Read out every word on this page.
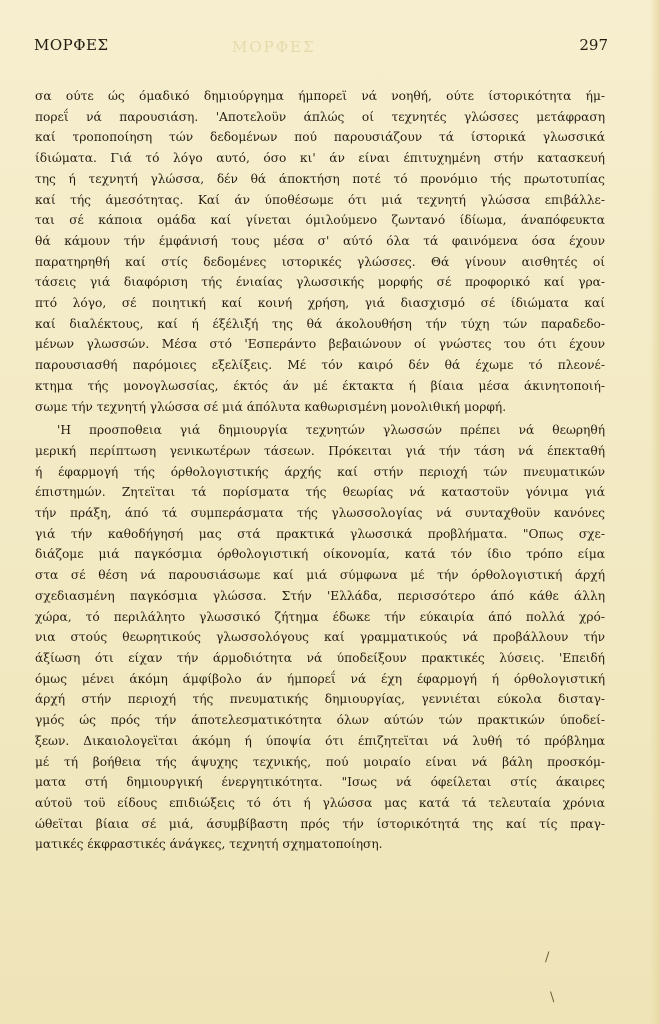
ΜΟΡΦΕΣ	297
ΜΟΡΦΕΣ
σα ούτε ώς όμαδικό δημιούργημα ήμπορεϊ νά νοηθή, ούτε ίστορικότητα ήμ-
πορεΐ νά παρουσιάση. 'Αποτελοϋν άπλώς οί τεχνητές γλώσσες μετάφραση
καί τροποποίηση τών δεδομένων πού παρουσιάζουν τά ίστορικά γλωσσικά
ίδιώματα. Γιά τό λόγο αυτό, όσο κι' άν είναι έπιτυχημένη στήν κατασκευή
της ή τεχνητή γλώσσα, δέν θά άποκτήση ποτέ τό προνόμιο τής πρωτοτυπίας
καί τής άμεσότητας. Καί άν ύποθέσωμε ότι μιά τεχνητή γλώσσα επιβάλλε-
ται σέ κάποια ομάδα καί γίνεται όμιλούμενο ζωντανό ίδίωμα, άναπόφευκτα
θά κάμουν τήν έμφάνισή τους μέσα σ' αύτό όλα τά φαινόμενα όσα έχουν
παρατηρηθή καί στίς δεδομένες ιστορικές γλώσσες. Θά γίνουν αισθητές οί
τάσεις γιά διαφόριση τής ένιαίας γλωσσικής μορφής σέ προφορικό καί γρα-
πτό λόγο, σέ ποιητική καί κοινή χρήση, γιά διασχισμό σέ ίδιώματα καί
καί διαλέκτους, καί ή έξέλιξή της θά άκολουθήση τήν τύχη τών παραδεδο-
μένων γλωσσών. Μέσα στό 'Εσπεράντο βεβαιώνουν οί γνώστες του ότι έχουν
παρουσιασθή παρόμοιες εξελίξεις. Μέ τόν καιρό δέν θά έχωμε τό πλεονέ-
κτημα τής μονογλωσσίας, έκτός άν μέ έκτακτα ή βίαια μέσα άκινητοποιή-
σωμε τήν τεχνητή γλώσσα σέ μιά άπόλυτα καθωρισμένη μονολιθική μορφή.
'Η προσποθεια γιά δημιουργία τεχνητών γλωσσών πρέπει νά θεωρηθή
μερική περίπτωση γενικωτέρων τάσεων. Πρόκειται γιά τήν τάση νά έπεκταθή
ή έφαρμογή τής όρθολογιστικής άρχής καί στήν περιοχή τών πνευματικών
έπιστημών. Ζητεϊται τά πορίσματα τής θεωρίας νά καταστοϋν γόνιμα γιά
τήν πράξη, άπό τά συμπεράσματα τής γλωσσολογίας νά συνταχθοϋν κανόνες
γιά τήν καθοδήγησή μας στά πρακτικά γλωσσικά προβλήματα. "Οπως σχε-
διάζομε μιά παγκόσμια όρθολογιστική οίκονομία, κατά τόν ίδιο τρόπο είμα
στα σέ θέση νά παρουσιάσωμε καί μιά σύμφωνα μέ τήν όρθολογιστική άρχή
σχεδιασμένη παγκόσμια γλώσσα. Στήν 'Ελλάδα, περισσότερο άπό κάθε άλλη
χώρα, τό περιλάλητο γλωσσικό ζήτημα έδωκε τήν εύκαιρία άπό πολλά χρό-
νια στούς θεωρητικούς γλωσσολόγους καί γραμματικούς νά προβάλλουν τήν
άξίωση ότι είχαν τήν άρμοδιότητα νά ύποδείξουν πρακτικές λύσεις. 'Επειδή
όμως μένει άκόμη άμφίβολο άν ήμπορεΐ νά έχη έφαρμογή ή όρθολογιστική
άρχή στήν περιοχή τής πνευματικής δημιουργίας, γεννιέται εύκολα δισταγ-
γμός ώς πρός τήν άποτελεσματικότητα όλων αύτών τών πρακτικών ύποδεί-
ξεων. Δικαιολογεϊται άκόμη ή ύποψία ότι έπιζητεϊται νά λυθή τό πρόβλημα
μέ τή βοήθεια τής άψυχης τεχνικής, πού μοιραίο είναι νά βάλη προσκόμ-
ματα στή δημιουργική ένεργητικότητα. "Ισως νά όφείλεται στίς άκαιρες
αύτοϋ τοϋ είδους επιδιώξεις τό ότι ή γλώσσα μας κατά τά τελευταία χρόνια
ώθεϊται βίαια σέ μιά, άσυμβίβαστη πρός τήν ίστορικότητά της καί τίς πραγ-
ματικές έκφραστικές άνάγκες, τεχνητή σχηματοποίηση.
/
\
